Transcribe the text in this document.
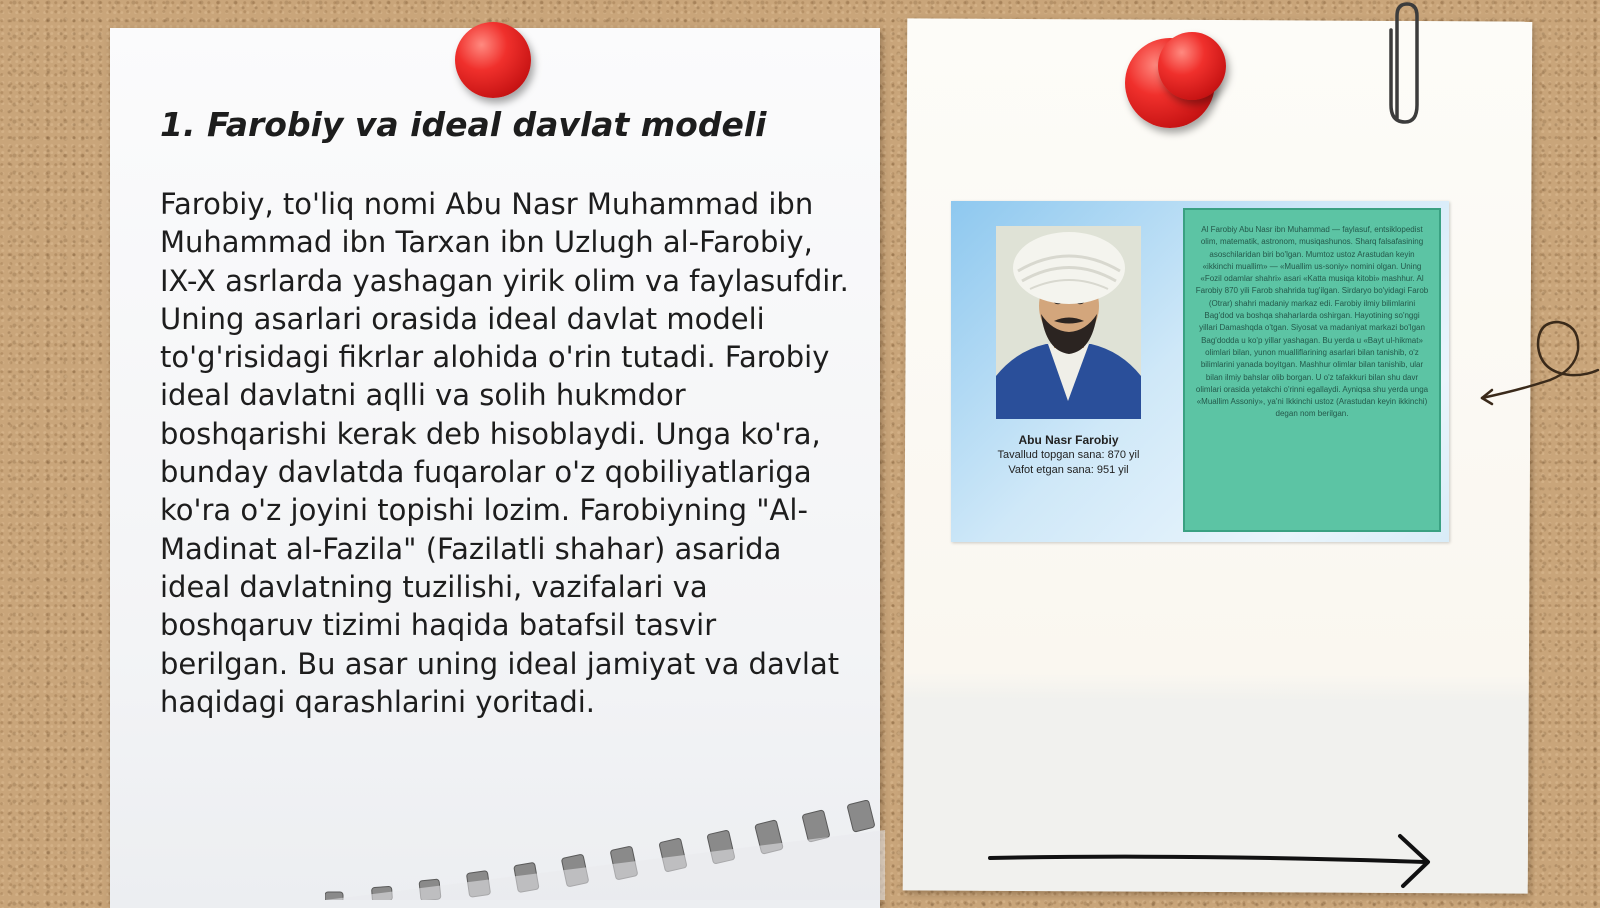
1. Farobiy va ideal davlat modeli

Farobiy, to'liq nomi Abu Nasr Muhammad ibn Muhammad ibn Tarxan ibn Uzlugh al-Farobiy, IX-X asrlarda yashagan yirik olim va faylasufdir. Uning asarlari orasida ideal davlat modeli to'g'risidagi fikrlar alohida o'rin tutadi. Farobiy ideal davlatni aqlli va solih hukmdor boshqarishi kerak deb hisoblaydi. Unga ko'ra, bunday davlatda fuqarolar o'z qobiliyatlariga ko'ra o'z joyini topishi lozim. Farobiyning "Al-Madinat al-Fazila" (Fazilatli shahar) asarida ideal davlatning tuzilishi, vazifalari va boshqaruv tizimi haqida batafsil tasvir berilgan. Bu asar uning ideal jamiyat va davlat haqidagi qarashlarini yoritadi.

Abu Nasr Farobiy
Tavallud topgan sana: 870 yil
Vafot etgan sana: 951 yil

Al Farobiy Abu Nasr ibn Muhammad — faylasuf, entsiklopedist olim, matematik, astronom, musiqashunos. Sharq falsafasining asoschilaridan biri bo'lgan. Mumtoz ustoz Arastudan keyin «ikkinchi muallim» — «Muallim us-soniy» nomini olgan. Uning «Fozil odamlar shahri» asari «Katta musiqa kitobi» mashhur. Al Farobiy 870 yili Farob shahrida tug'ilgan. Sirdaryo bo'yidagi Farob (Otrar) shahri madaniy markaz edi. Farobiy ilmiy bilimlarini Bag'dod va boshqa shaharlarda oshirgan. Hayotining so'nggi yillari Damashqda o'tgan. Siyosat va madaniyat markazi bo'lgan Bag'dodda u ko'p yillar yashagan. Bu yerda u «Bayt ul-hikmat» olimlari bilan, yunon mualliflarining asarlari bilan tanishib, o'z bilimlarini yanada boyitgan. Mashhur olimlar bilan tanishib, ular bilan ilmiy bahslar olib borgan. U o'z tafakkuri bilan shu davr olimlari orasida yetakchi o'rinni egallaydi. Ayniqsa shu yerda unga «Muallim Assoniy», ya'ni Ikkinchi ustoz (Arastudan keyin ikkinchi) degan nom berilgan.
